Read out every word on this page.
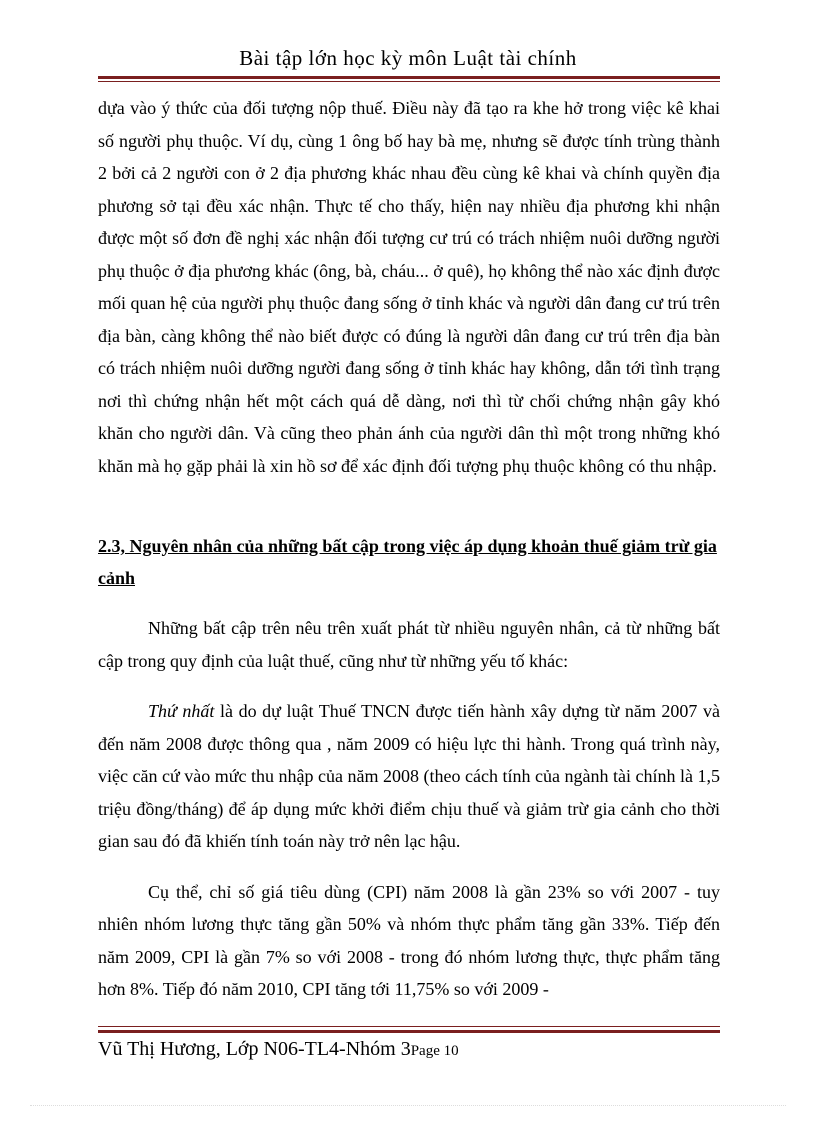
Bài tập lớn học kỳ môn Luật tài chính

dựa vào ý thức của đối tượng nộp thuế. Điều này đã tạo ra khe hở trong việc kê khai số người phụ thuộc. Ví dụ, cùng 1 ông bố hay bà mẹ, nhưng sẽ được tính trùng thành 2 bởi cả 2 người con ở 2 địa phương khác nhau đều cùng kê khai và chính quyền địa phương sở tại đều xác nhận. Thực tế cho thấy, hiện nay nhiều địa phương khi nhận được một số đơn đề nghị xác nhận đối tượng cư trú có trách nhiệm nuôi dưỡng người phụ thuộc ở địa phương khác (ông, bà, cháu... ở quê), họ không thể nào xác định được mối quan hệ của người phụ thuộc đang sống ở tỉnh khác và người dân đang cư trú trên địa bàn, càng không thể nào biết được có đúng là người dân đang cư trú trên địa bàn có trách nhiệm nuôi dưỡng người đang sống ở tỉnh khác hay không, dẫn tới tình trạng nơi thì chứng nhận hết một cách quá dễ dàng, nơi thì từ chối chứng nhận gây khó khăn cho người dân. Và cũng theo phản ánh của người dân thì một trong những khó khăn mà họ gặp phải là xin hồ sơ để xác định đối tượng phụ thuộc không có thu nhập.

2.3, Nguyên nhân của những bất cập trong việc áp dụng khoản thuế giảm trừ gia cảnh

Những bất cập trên nêu trên xuất phát từ nhiều nguyên nhân, cả từ những bất cập trong quy định của luật thuế, cũng như từ những yếu tố khác:

Thứ nhất là do dự luật Thuế TNCN được tiến hành xây dựng từ năm 2007 và đến năm 2008 được thông qua , năm 2009 có hiệu lực thi hành. Trong quá trình này, việc căn cứ vào mức thu nhập của năm 2008 (theo cách tính của ngành tài chính là 1,5 triệu đồng/tháng) để áp dụng mức khởi điểm chịu thuế và giảm trừ gia cảnh cho thời gian sau đó đã khiến tính toán này trở nên lạc hậu.

Cụ thể, chỉ số giá tiêu dùng (CPI) năm 2008 là gần 23% so với 2007 - tuy nhiên nhóm lương thực tăng gần 50% và nhóm thực phẩm tăng gần 33%. Tiếp đến năm 2009, CPI là gần 7% so với 2008 - trong đó nhóm lương thực, thực phẩm tăng hơn 8%. Tiếp đó năm 2010, CPI tăng tới 11,75% so với 2009 -

Vũ Thị Hương, Lớp N06-TL4-Nhóm 3Page 10
